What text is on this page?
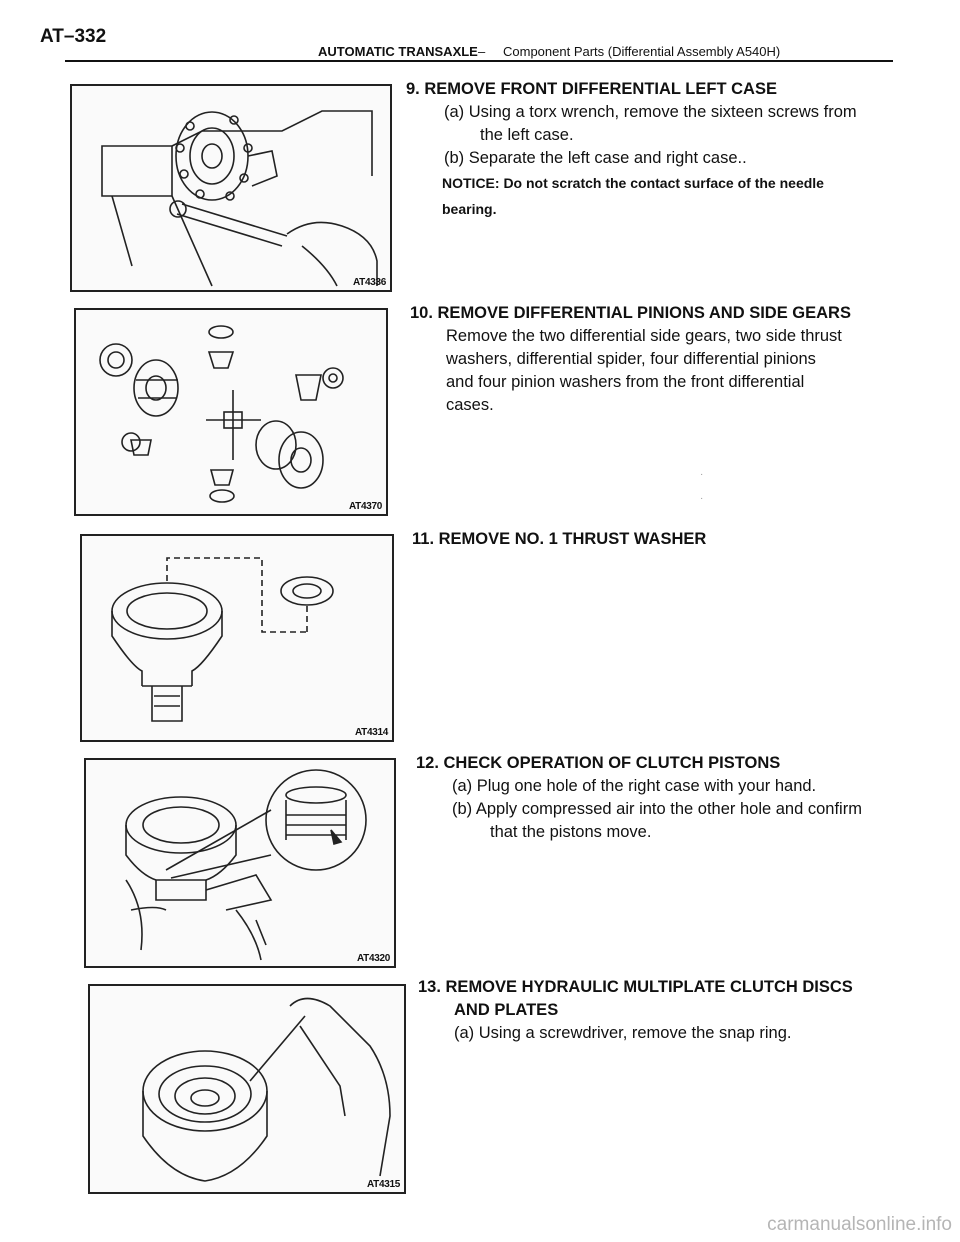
AT–332
AUTOMATIC TRANSAXLE – Component Parts (Differential Assembly A540H)
AT4336
AT4370
AT4314
AT4320
AT4315
9. REMOVE FRONT DIFFERENTIAL LEFT CASE
(a) Using a torx wrench, remove the sixteen screws from
the left case.
(b) Separate the left case and right case..
NOTICE: Do not scratch the contact surface of the needle
bearing.
10. REMOVE DIFFERENTIAL PINIONS AND SIDE GEARS
Remove the two differential side gears, two side thrust
washers, differential spider, four differential pinions
and four pinion washers from the front differential
cases.
·
·
11. REMOVE NO. 1 THRUST WASHER
12. CHECK OPERATION OF CLUTCH PISTONS
(a) Plug one hole of the right case with your hand.
(b) Apply compressed air into the other hole and confirm
that the pistons move.
13. REMOVE HYDRAULIC MULTIPLATE CLUTCH DISCS
AND PLATES
(a) Using a screwdriver, remove the snap ring.
carmanualsonline.info
